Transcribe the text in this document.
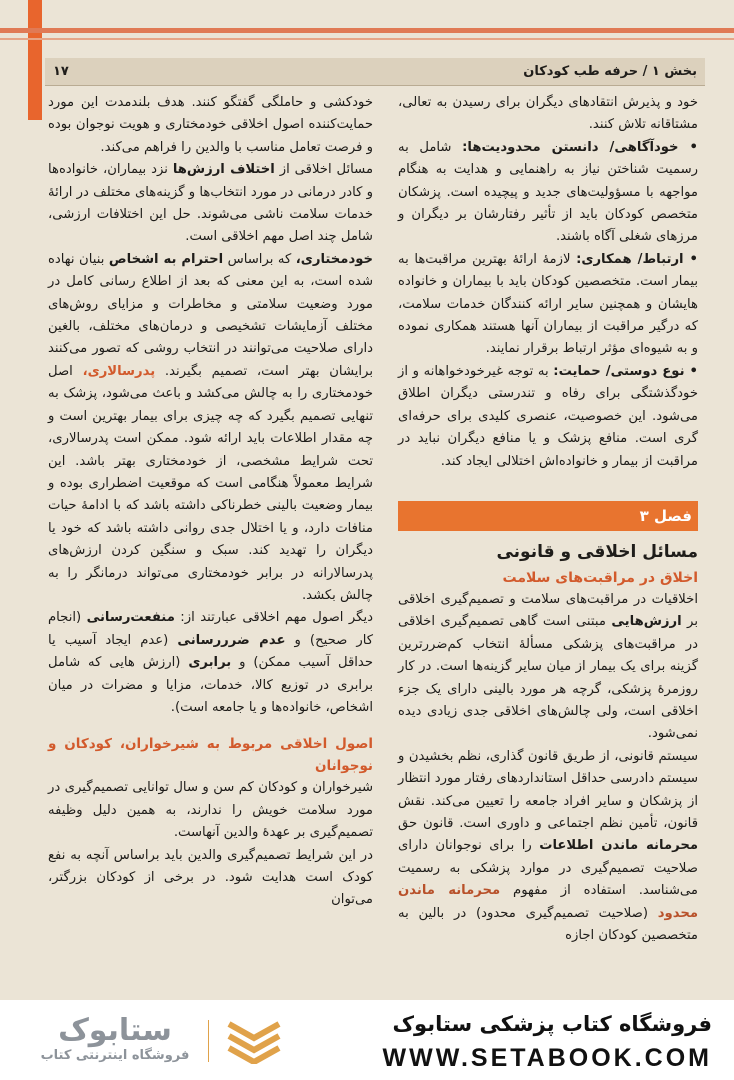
بخش ۱ / حرفه طب کودکان
۱۷

خود و پذیرش انتقادهای دیگران برای رسیدن به تعالی، مشتاقانه تلاش کنند.

• خودآگاهی/ دانستن محدودیت‌ها: شامل به رسمیت شناختن نیاز به راهنمایی و هدایت به هنگام مواجهه با مسؤولیت‌های جدید و پیچیده است. پزشکان متخصص کودکان باید از تأثیر رفتارشان بر دیگران و مرزهای شغلی آگاه باشند.

• ارتباط/ همکاری: لازمهٔ ارائهٔ بهترین مراقبت‌ها به بیمار است. متخصصین کودکان باید با بیماران و خانواده هایشان و همچنین سایر ارائه کنندگان خدمات سلامت، که درگیر مراقبت از بیماران آنها هستند همکاری نموده و به شیوه‌ای مؤثر ارتباط برقرار نمایند.

• نوع دوستی/ حمایت: به توجه غیرخودخواهانه و از خودگذشتگی برای رفاه و تندرستی دیگران اطلاق می‌شود. این خصوصیت، عنصری کلیدی برای حرفه‌ای گری است. منافع پزشک و یا منافع دیگران نباید در مراقبت از بیمار و خانواده‌اش اختلالی ایجاد کند.

فصل ۳
مسائل اخلاقی و قانونی
اخلاق در مراقبت‌های سلامت

اخلاقیات در مراقبت‌های سلامت و تصمیم‌گیری اخلاقی بر ارزش‌هایی مبتنی است گاهی تصمیم‌گیری اخلاقی در مراقبت‌های پزشکی مسألهٔ انتخاب کم‌ضررترین گزینه برای یک بیمار از میان سایر گزینه‌ها است. در کار روزمرهٔ پزشکی، گرچه هر مورد بالینی دارای یک جزء اخلاقی است، ولی چالش‌های اخلاقی جدی زیادی دیده نمی‌شود.

سیستم قانونی، از طریق قانون گذاری، نظم بخشیدن و سیستم دادرسی حداقل استانداردهای رفتار مورد انتظار از پزشکان و سایر افراد جامعه را تعیین می‌کند. نقش قانون، تأمین نظم اجتماعی و داوری است. قانون حق محرمانه ماندن اطلاعات را برای نوجوانان دارای صلاحیت تصمیم‌گیری در موارد پزشکی به رسمیت می‌شناسد. استفاده از مفهوم محرمانه ماندن محدود (صلاحیت تصمیم‌گیری محدود) در بالین به متخصصین کودکان اجازه

خودکشی و حاملگی گفتگو کنند. هدف بلندمدت این مورد حمایت‌کننده اصول اخلاقی خودمختاری و هویت نوجوان بوده و فرصت تعامل مناسب با والدین را فراهم می‌کند.

مسائل اخلاقی از اختلاف ارزش‌ها نزد بیماران، خانواده‌ها و کادر درمانی در مورد انتخاب‌ها و گزینه‌های مختلف در ارائهٔ خدمات سلامت ناشی می‌شوند. حل این اختلافات ارزشی، شامل چند اصل مهم اخلاقی است.

خودمختاری، که براساس احترام به اشخاص بنیان نهاده شده است، به این معنی که بعد از اطلاع رسانی کامل در مورد وضعیت سلامتی و مخاطرات و مزایای روش‌های مختلف آزمایشات تشخیصی و درمان‌های مختلف، بالغین دارای صلاحیت می‌توانند در انتخاب روشی که تصور می‌کنند برایشان بهتر است، تصمیم بگیرند. پدرسالاری، اصل خودمختاری را به چالش می‌کشد و باعث می‌شود، پزشک به تنهایی تصمیم بگیرد که چه چیزی برای بیمار بهترین است و چه مقدار اطلاعات باید ارائه شود. ممکن است پدرسالاری، تحت شرایط مشخصی، از خودمختاری بهتر باشد. این شرایط معمولاً هنگامی است که موقعیت اضطراری بوده و بیمار وضعیت بالینی خطرناکی داشته باشد که با ادامهٔ حیات منافات دارد، و یا اختلال جدی روانی داشته باشد که خود یا دیگران را تهدید کند. سبک و سنگین کردن ارزش‌های پدرسالارانه در برابر خودمختاری می‌تواند درمانگر را به چالش بکشد.

دیگر اصول مهم اخلاقی عبارتند از: منفعت‌رسانی (انجام کار صحیح) و عدم ضرررسانی (عدم ایجاد آسیب یا حداقل آسیب ممکن) و برابری (ارزش هایی که شامل برابری در توزیع کالا، خدمات، مزایا و مضرات در میان اشخاص، خانواده‌ها و یا جامعه است).

اصول اخلاقی مربوط به شیرخواران، کودکان و نوجوانان

شیرخواران و کودکان کم سن و سال توانایی تصمیم‌گیری در مورد سلامت خویش را ندارند، به همین دلیل وظیفه تصمیم‌گیری بر عهدهٔ والدین آنهاست.

در این شرایط تصمیم‌گیری والدین باید براساس آنچه به نفع کودک است هدایت شود. در برخی از کودکان بزرگتر، می‌توان

ستابوک
فروشگاه اینترنتی کتاب
فروشگاه کتاب پزشکی ستابوک
WWW.SETABOOK.COM
